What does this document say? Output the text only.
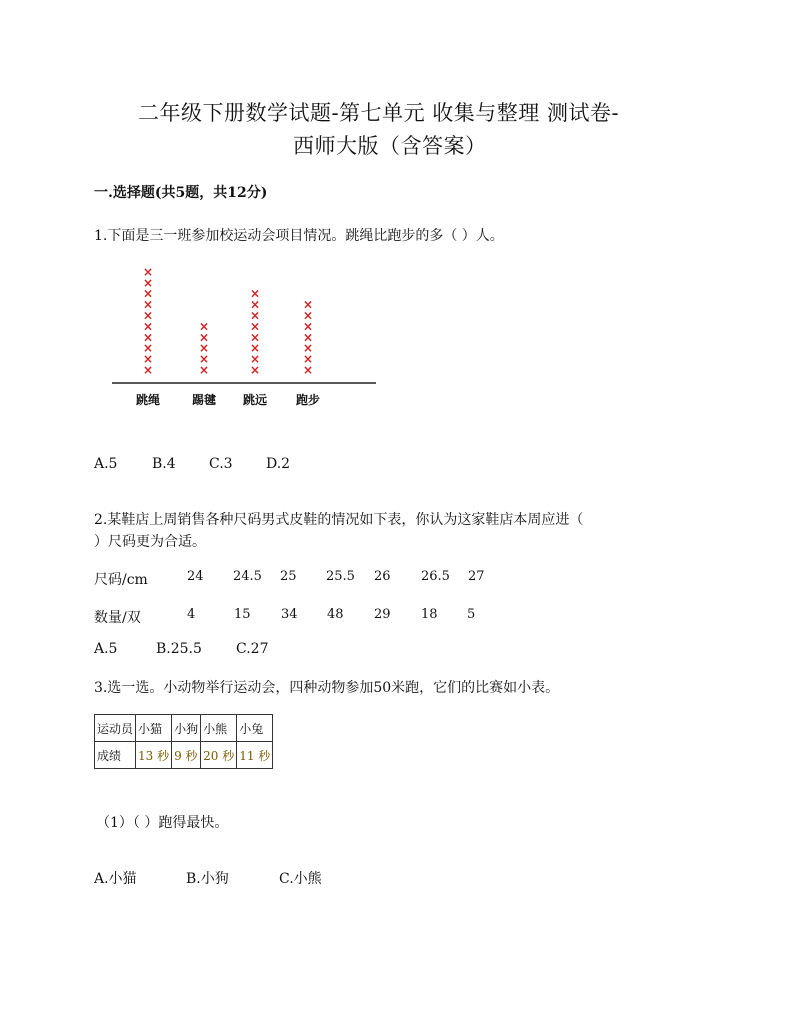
二年级下册数学试题-第七单元 收集与整理 测试卷-
西师大版（含答案）
一.选择题(共5题，共12分)
1.下面是三一班参加校运动会项目情况。跳绳比跑步的多（ ）人。
×
×
×
×
×
×
×
×
×
×
×
×
×
×
×
×
×
×
×
×
×
×
×
×
×
×
×
×
×
×
跳绳	踢毽 跳远 跑步
A.5 B.4 C.3 D.2
2.某鞋店上周销售各种尺码男式皮鞋的情况如下表，你认为这家鞋店本周应进（
）尺码更为合适。
尺码/cm	24 24.5 25 25.5 26 26.5 27
数量/双	4	15 34 48 29 18 5
A.5	B.25.5 C.27
3.选一选。小动物举行运动会，四种动物参加50米跑，它们的比赛如小表。
运动员	小猫	小狗	小熊	小兔
成绩	13 秒	9 秒	20 秒	11 秒
（1）（ ）跑得最快。
A.小猫	B.小狗	C.小熊
